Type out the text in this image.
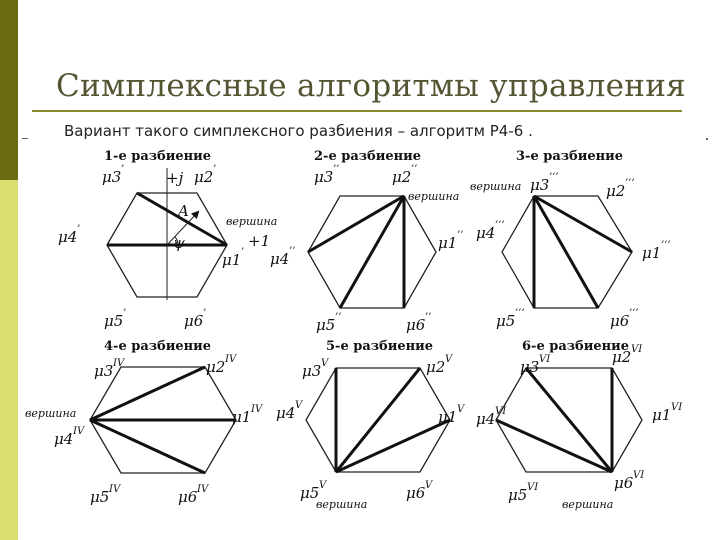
Симплексные алгоритмы управления
Вариант такого симплексного разбиения – алгоритм Р4-6 .
1-е разбиение
μ3 ’	μ2 ’
μ4 ’
μ1 ’
μ5 ’	μ6 ’
+j
+1
A
ψ
вершина
2-е разбиение
μ3 ’’	μ2 ’’
μ4 ’’	μ1 ’’
μ5 ’’	μ6 ’’
вершина
3-е разбиение
μ3 ’’’
μ2 ’’’
μ4 ’’’
μ1 ’’’
μ5 ’’’	μ6 ’’’
вершина
4-е разбиение
μ3 IV	μ2 IV
μ4 IV
μ1 IV
μ5 IV	μ6 IV
вершина
5-е разбиение
μ3 V	μ2 V
μ4 V
μ1 V
μ5 V	μ6 V
вершина
6-е разбиение
μ3 VI	μ2 VI
μ4 VI	μ1 VI
μ5 VI	μ6 VI
вершина
